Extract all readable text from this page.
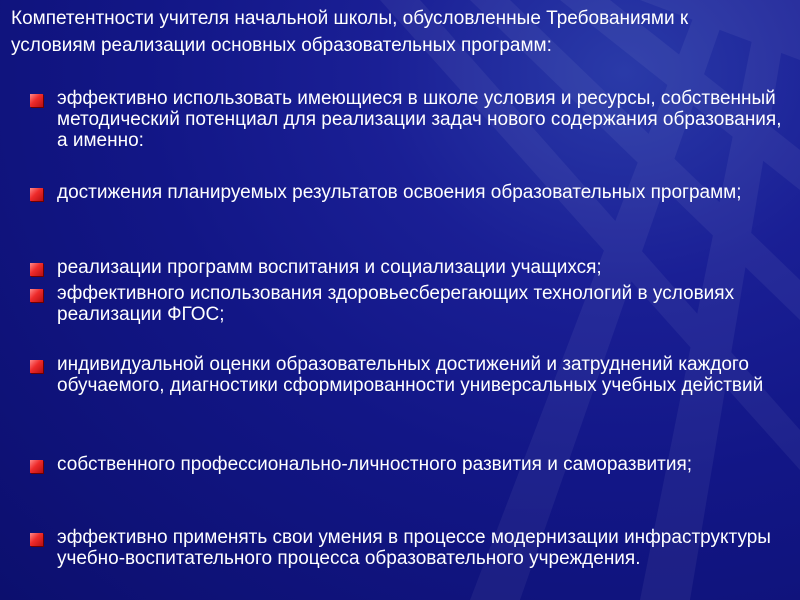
Компетентности учителя начальной школы, обусловленные Требованиями к условиям реализации основных образовательных программ:
эффективно использовать имеющиеся в школе условия и ресурсы, собственный методический потенциал для реализации задач нового содержания образования, а именно:
достижения планируемых результатов освоения образовательных программ;
реализации программ воспитания и социализации учащихся;
эффективного использования здоровьесберегающих технологий в условиях реализации ФГОС;
индивидуальной оценки образовательных достижений и затруднений каждого обучаемого, диагностики сформированности универсальных учебных действий
собственного профессионально-личностного развития и саморазвития;
эффективно применять свои умения в процессе модернизации инфраструктуры учебно-воспитательного процесса образовательного учреждения.
